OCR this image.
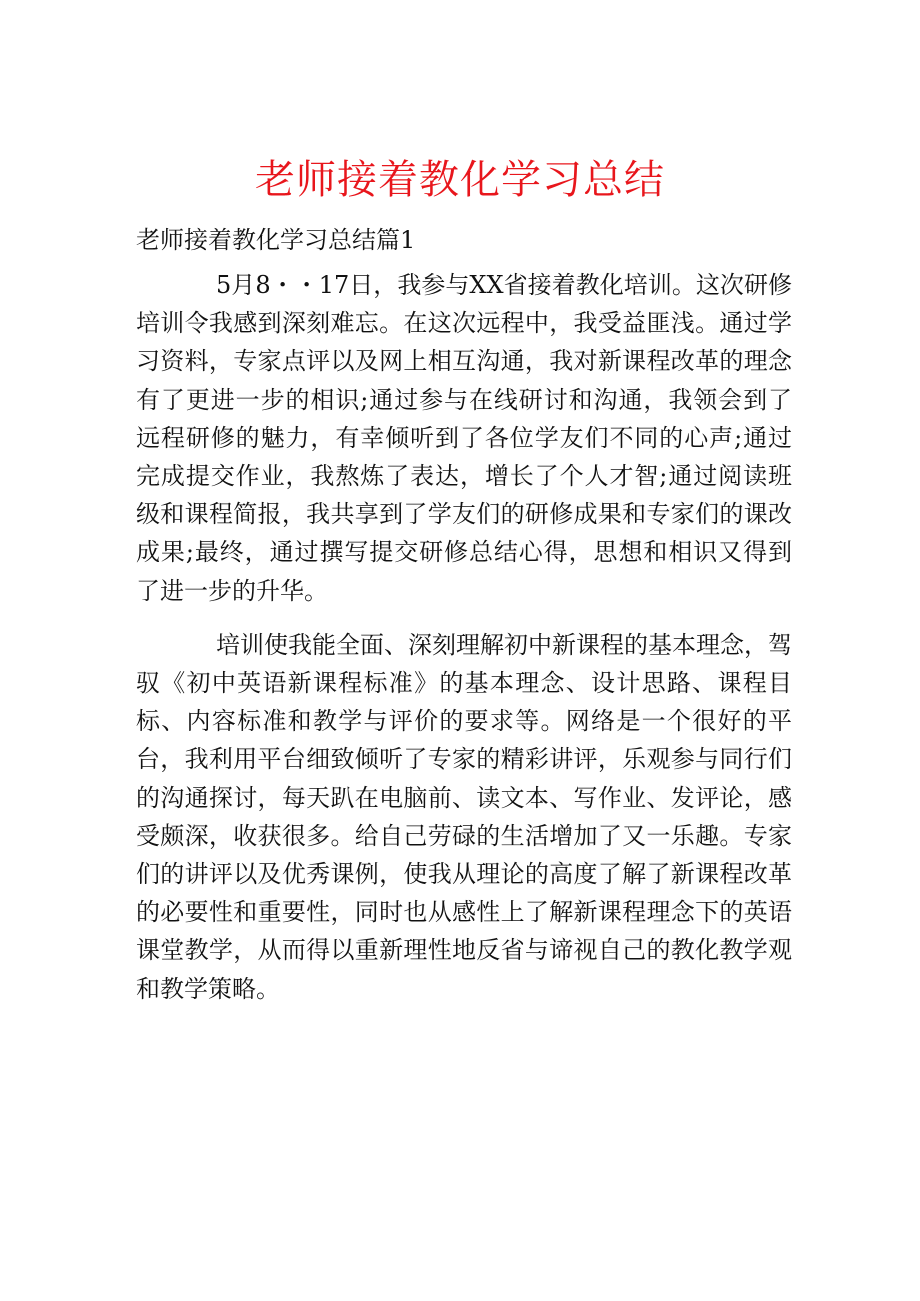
老师接着教化学习总结

老师接着教化学习总结篇1

5月8・・17日，我参与XX省接着教化培训。这次研修培训令我感到深刻难忘。在这次远程中，我受益匪浅。通过学习资料，专家点评以及网上相互沟通，我对新课程改革的理念有了更进一步的相识;通过参与在线研讨和沟通，我领会到了远程研修的魅力，有幸倾听到了各位学友们不同的心声;通过完成提交作业，我熬炼了表达，增长了个人才智;通过阅读班级和课程简报，我共享到了学友们的研修成果和专家们的课改成果;最终，通过撰写提交研修总结心得，思想和相识又得到了进一步的升华。

培训使我能全面、深刻理解初中新课程的基本理念，驾驭《初中英语新课程标准》的基本理念、设计思路、课程目标、内容标准和教学与评价的要求等。网络是一个很好的平台，我利用平台细致倾听了专家的精彩讲评，乐观参与同行们的沟通探讨，每天趴在电脑前、读文本、写作业、发评论，感受颇深，收获很多。给自己劳碌的生活增加了又一乐趣。专家们的讲评以及优秀课例，使我从理论的高度了解了新课程改革的必要性和重要性，同时也从感性上了解新课程理念下的英语课堂教学，从而得以重新理性地反省与谛视自己的教化教学观和教学策略。
